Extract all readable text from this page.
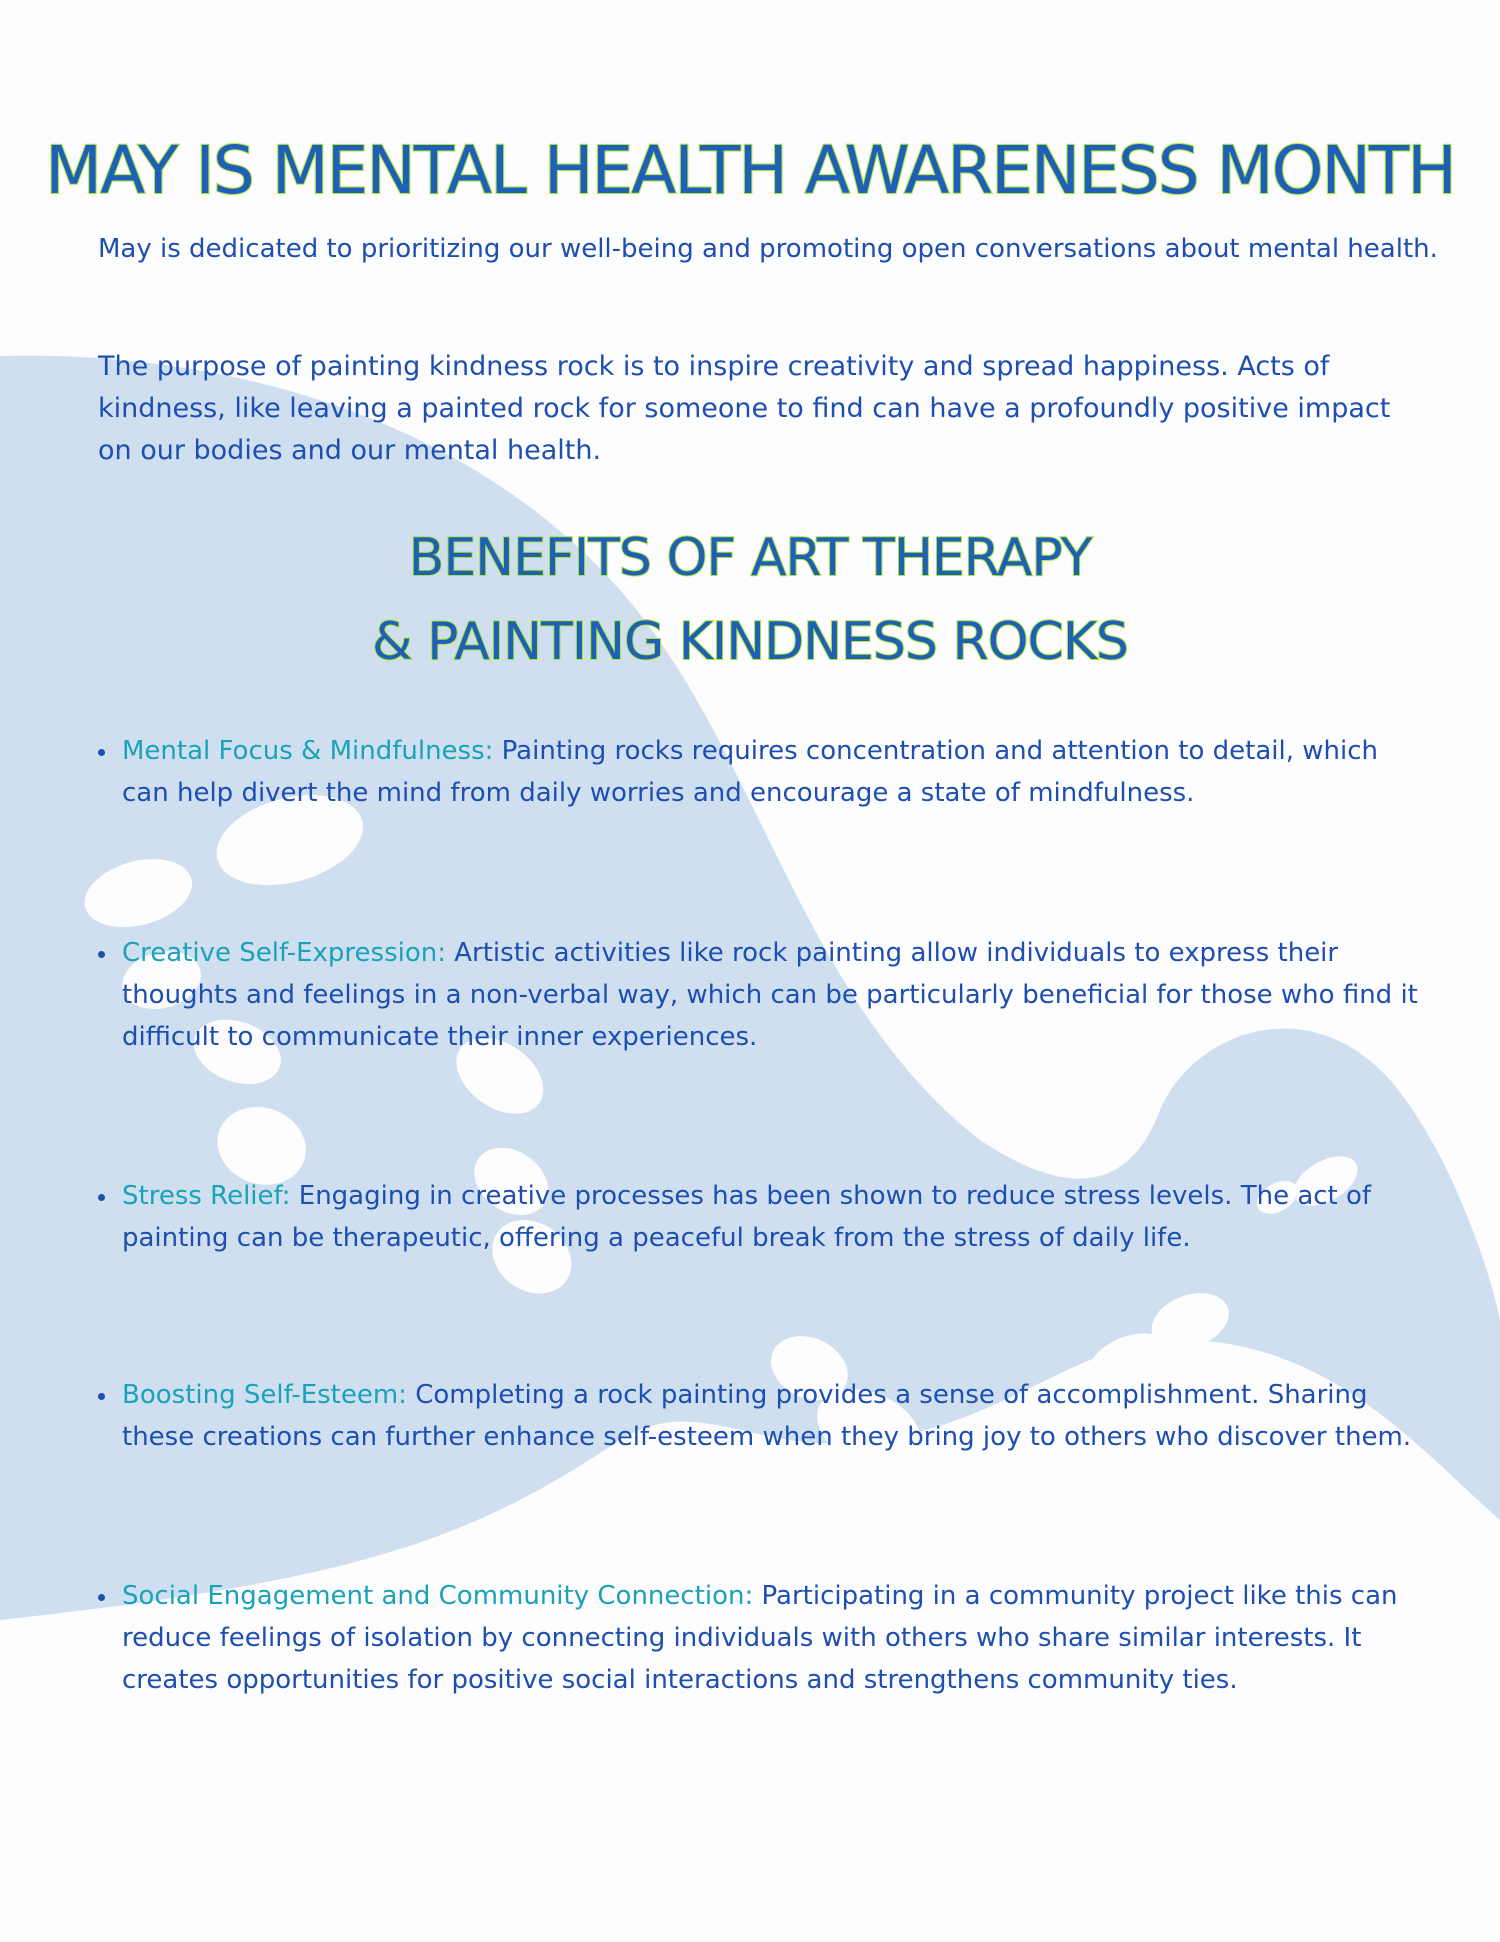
MAY IS MENTAL HEALTH AWARENESS MONTH

May is dedicated to prioritizing our well-being and promoting open conversations about mental health.

The purpose of painting kindness rock is to inspire creativity and spread happiness. Acts of kindness, like leaving a painted rock for someone to find can have a profoundly positive impact on our bodies and our mental health.

BENEFITS OF ART THERAPY
& PAINTING KINDNESS ROCKS

Mental Focus & Mindfulness: Painting rocks requires concentration and attention to detail, which can help divert the mind from daily worries and encourage a state of mindfulness.

Creative Self-Expression: Artistic activities like rock painting allow individuals to express their thoughts and feelings in a non-verbal way, which can be particularly beneficial for those who find it difficult to communicate their inner experiences.

Stress Relief: Engaging in creative processes has been shown to reduce stress levels. The act of painting can be therapeutic, offering a peaceful break from the stress of daily life.

Boosting Self-Esteem: Completing a rock painting provides a sense of accomplishment. Sharing these creations can further enhance self-esteem when they bring joy to others who discover them.

Social Engagement and Community Connection: Participating in a community project like this can reduce feelings of isolation by connecting individuals with others who share similar interests. It creates opportunities for positive social interactions and strengthens community ties.
